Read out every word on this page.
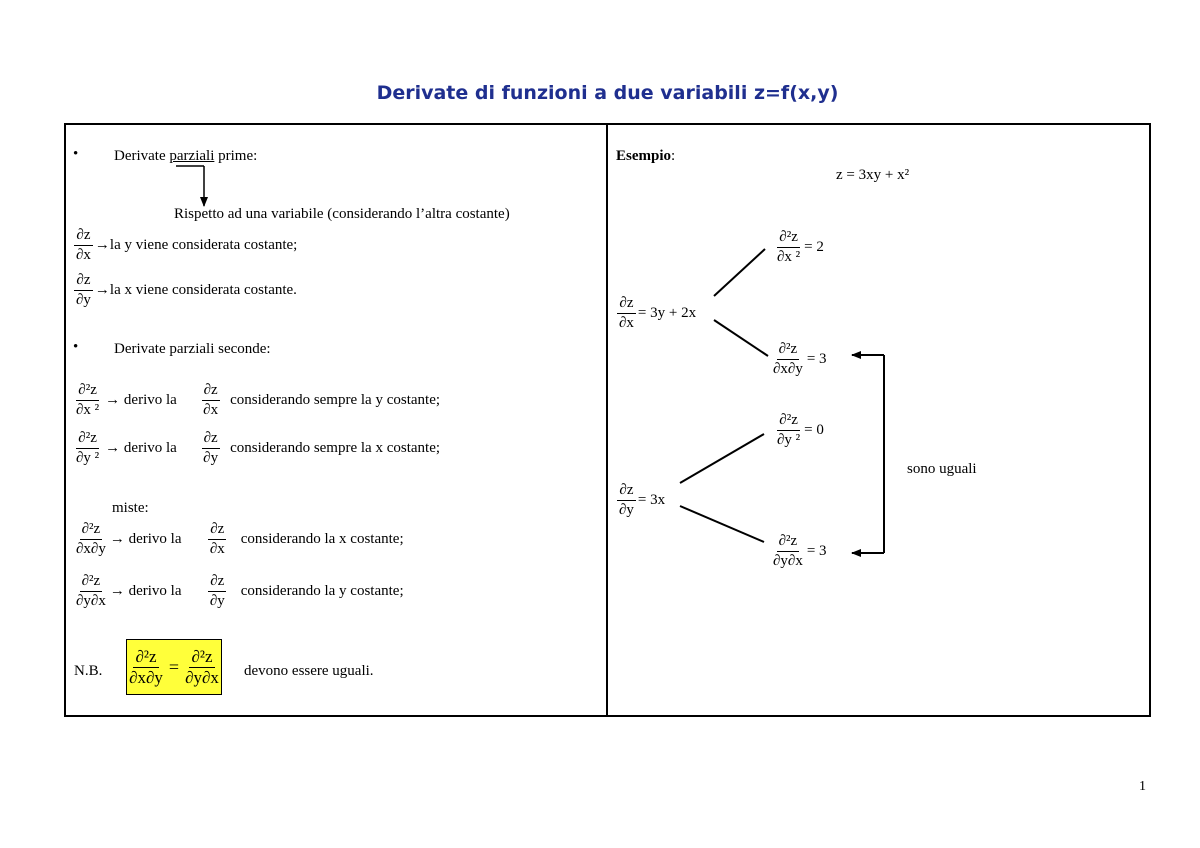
Derivate di funzioni a due variabili z=f(x,y)
• Derivate parziali prime:
Rispetto ad una variabile (considerando l’altra costante)
$\frac{\partial z}{\partial x} \to la$ y viene considerata costante;
$\frac{\partial z}{\partial y} \to la$ x viene considerata costante.
• Derivate parziali seconde:
$\frac{\text{∂²z}}{\text{∂x ²}}$ → derivo la	$\frac{\partial z}{\partial x}$ considerando sempre la y costante;
$\frac{\text{∂²z}}{\text{∂y ²}}$ → derivo la	$\frac{\partial z}{\partial y}$ considerando sempre la x costante;
miste:
$\frac{\text{∂²z}}{\partial x\partial y}$ → derivo la	$\frac{\partial z}{\partial x}$ considerando la x costante;
$\frac{\text{∂²z}}{\partial y\partial x}$ → derivo la	$\frac{\partial z}{\partial y}$ considerando la y costante;
N.B. $\frac{\text{∂²z}}{\partial x\partial y} = \frac{\text{∂²z}}{\partial y\partial x}$ devono essere uguali.
Esempio:
z = 3xy + x²
$\frac{\partial z}{\partial x} = 3y + 2x$
$\frac{\partial z}{\partial y} = 3x$
$\frac{\text{∂²z}}{\text{∂x ²}} = 2$
$\frac{\text{∂²z}}{\partial x\partial y} = 3$
$\frac{\text{∂²z}}{\text{∂y ²}} = 0$
$\frac{\text{∂²z}}{\partial y\partial x} = 3$
sono uguali
1
